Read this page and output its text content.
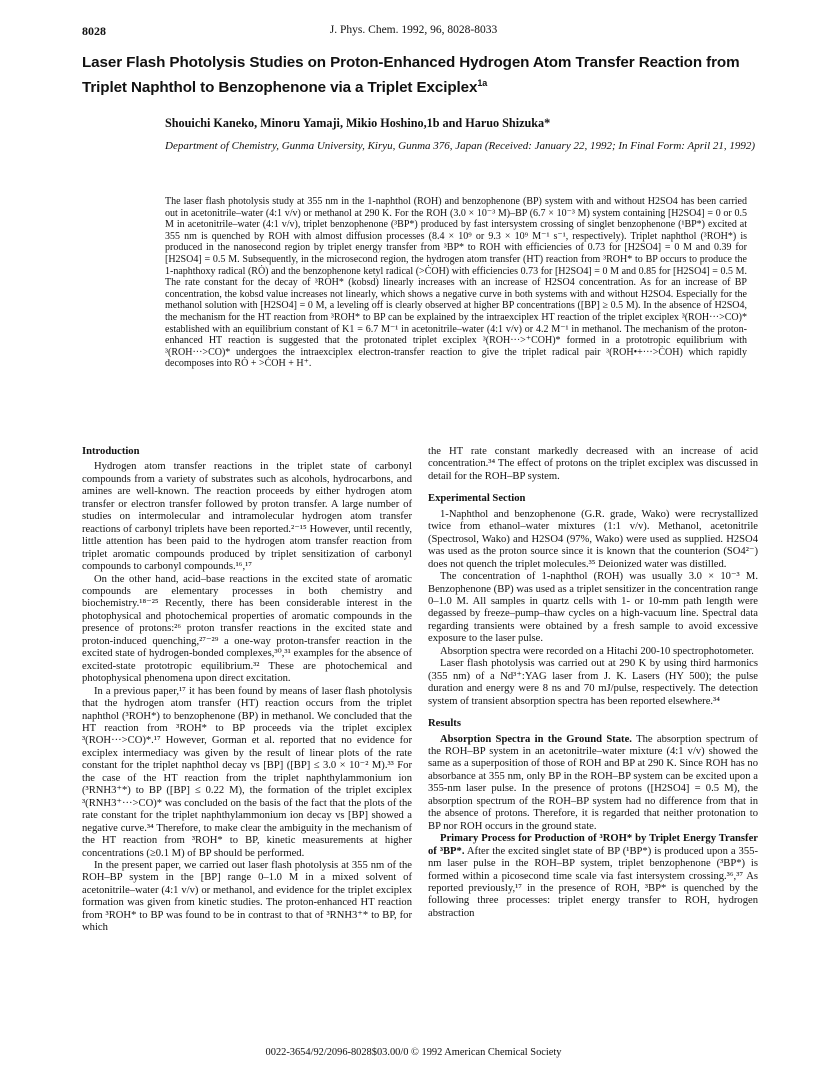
8028	J. Phys. Chem. 1992, 96, 8028-8033
Laser Flash Photolysis Studies on Proton-Enhanced Hydrogen Atom Transfer Reaction from Triplet Naphthol to Benzophenone via a Triplet Exciplex$^{1a}$
Shouichi Kaneko, Minoru Yamaji, Mikio Hoshino,1b and Haruo Shizuka*
Department of Chemistry, Gunma University, Kiryu, Gunma 376, Japan (Received: January 22, 1992; In Final Form: April 21, 1992)
The laser flash photolysis study at 355 nm in the 1-naphthol (ROH) and benzophenone (BP) system with and without H2SO4 has been carried out in acetonitrile–water (4:1 v/v) or methanol at 290 K. For the ROH (3.0 × 10⁻³ M)–BP (6.7 × 10⁻³ M) system containing [H2SO4] = 0 or 0.5 M in acetonitrile–water (4:1 v/v), triplet benzophenone (³BP*) produced by fast intersystem crossing of singlet benzophenone (¹BP*) excited at 355 nm is quenched by ROH with almost diffusion processes (8.4 × 10⁹ or 9.3 × 10⁹ M⁻¹ s⁻¹, respectively). Triplet naphthol (³ROH*) is produced in the nanosecond region by triplet energy transfer from ³BP* to ROH with efficiencies of 0.73 for [H2SO4] = 0 M and 0.39 for [H2SO4] = 0.5 M. Subsequently, in the microsecond region, the hydrogen atom transfer (HT) reaction from ³ROH* to BP occurs to produce the 1-naphthoxy radical (RȮ) and the benzophenone ketyl radical (>ĊOH) with efficiencies 0.73 for [H2SO4] = 0 M and 0.85 for [H2SO4] = 0.5 M. The rate constant for the decay of ³ROH* (kobsd) linearly increases with an increase of H2SO4 concentration. As for an increase of BP concentration, the kobsd value increases not linearly, which shows a negative curve in both systems with and without H2SO4. Especially for the methanol solution with [H2SO4] = 0 M, a leveling off is clearly observed at higher BP concentrations ([BP] ≥ 0.5 M). In the absence of H2SO4, the mechanism for the HT reaction from ³ROH* to BP can be explained by the intraexciplex HT reaction of the triplet exciplex ³(ROH···>CO)* established with an equilibrium constant of K1 = 6.7 M⁻¹ in acetonitrile–water (4:1 v/v) or 4.2 M⁻¹ in methanol. The mechanism of the proton-enhanced HT reaction is suggested that the protonated triplet exciplex ³(ROH···>⁺COH)* formed in a prototropic equilibrium with ³(ROH···>CO)* undergoes the intraexciplex electron-transfer reaction to give the triplet radical pair ³(ROH•+···>ĊOH) which rapidly decomposes into RȮ + >ĊOH + H⁺.
Introduction

Hydrogen atom transfer reactions in the triplet state of carbonyl compounds from a variety of substrates such as alcohols, hydrocarbons, and amines are well-known. The reaction proceeds by either hydrogen atom transfer or electron transfer followed by proton transfer. A large number of studies on intermolecular and intramolecular hydrogen atom transfer reactions of carbonyl triplets have been reported.²⁻¹⁵ However, until recently, little attention has been paid to the hydrogen atom transfer reaction from triplet aromatic compounds produced by triplet sensitization of carbonyl compounds to carbonyl compounds.¹⁶,¹⁷

On the other hand, acid–base reactions in the excited state of aromatic compounds are elementary processes in both chemistry and biochemistry.¹⁸⁻²⁵ Recently, there has been considerable interest in the photophysical and photochemical properties of aromatic compounds in the presence of protons:²⁶ proton transfer reactions in the excited state and proton-induced quenching,²⁷⁻²⁹ a one-way proton-transfer reaction in the excited state of hydrogen-bonded complexes,³⁰,³¹ examples for the absence of excited-state prototropic equilibrium.³² These are photochemical and photophysical phenomena upon direct excitation.

In a previous paper,¹⁷ it has been found by means of laser flash photolysis that the hydrogen atom transfer (HT) reaction occurs from the triplet naphthol (³ROH*) to benzophenone (BP) in methanol. We concluded that the HT reaction from ³ROH* to BP proceeds via the triplet exciplex ³(ROH···>CO)*.¹⁷ However, Gorman et al. reported that no evidence for exciplex intermediacy was given by the result of linear plots of the rate constant for the triplet naphthol decay vs [BP] ([BP] ≤ 3.0 × 10⁻² M).³³ For the case of the HT reaction from the triplet naphthylammonium ion (³RNH3⁺*) to BP ([BP] ≤ 0.22 M), the formation of the triplet exciplex ³(RNH3⁺···>CO)* was concluded on the basis of the fact that the plots of the rate constant for the triplet naphthylammonium ion decay vs [BP] showed a negative curve.³⁴ Therefore, to make clear the ambiguity in the mechanism of the HT reaction from ³ROH* to BP, kinetic measurements at higher concentrations (≥0.1 M) of BP should be performed.

In the present paper, we carried out laser flash photolysis at 355 nm of the ROH–BP system in the [BP] range 0–1.0 M in a mixed solvent of acetonitrile–water (4:1 v/v) or methanol, and evidence for the triplet exciplex formation was given from kinetic studies. The proton-enhanced HT reaction from ³ROH* to BP was found to be in contrast to that of ³RNH3⁺* to BP, for which

the HT rate constant markedly decreased with an increase of acid concentration.³⁴ The effect of protons on the triplet exciplex was discussed in detail for the ROH–BP system.

Experimental Section

1-Naphthol and benzophenone (G.R. grade, Wako) were recrystallized twice from ethanol–water mixtures (1:1 v/v). Methanol, acetonitrile (Spectrosol, Wako) and H2SO4 (97%, Wako) were used as supplied. H2SO4 was used as the proton source since it is known that the counterion (SO4²⁻) does not quench the triplet molecules.³⁵ Deionized water was distilled.

The concentration of 1-naphthol (ROH) was usually 3.0 × 10⁻³ M. Benzophenone (BP) was used as a triplet sensitizer in the concentration range 0–1.0 M. All samples in quartz cells with 1- or 10-mm path length were degassed by freeze–pump–thaw cycles on a high-vacuum line. Spectral data regarding transients were obtained by a fresh sample to avoid excessive exposure to the laser pulse.

Absorption spectra were recorded on a Hitachi 200-10 spectrophotometer.

Laser flash photolysis was carried out at 290 K by using third harmonics (355 nm) of a Nd³⁺:YAG laser from J. K. Lasers (HY 500); the pulse duration and energy were 8 ns and 70 mJ/pulse, respectively. The detection system of transient absorption spectra has been reported elsewhere.³⁴

Results

Absorption Spectra in the Ground State. The absorption spectrum of the ROH–BP system in an acetonitrile–water mixture (4:1 v/v) showed the same as a superposition of those of ROH and BP at 290 K. Since ROH has no absorbance at 355 nm, only BP in the ROH–BP system can be excited upon a 355-nm laser pulse. In the presence of protons ([H2SO4] = 0.5 M), the absorption spectrum of the ROH–BP system had no difference from that in the absence of protons. Therefore, it is regarded that neither protonation to BP nor ROH occurs in the ground state.

Primary Process for Production of ³ROH* by Triplet Energy Transfer of ³BP*. After the excited singlet state of BP (¹BP*) is produced upon a 355-nm laser pulse in the ROH–BP system, triplet benzophenone (³BP*) is formed within a picosecond time scale via fast intersystem crossing.³⁶,³⁷ As reported previously,¹⁷ in the presence of ROH, ³BP* is quenched by the following three processes: triplet energy transfer to ROH, hydrogen abstraction

0022-3654/92/2096-8028$03.00/0 © 1992 American Chemical Society
